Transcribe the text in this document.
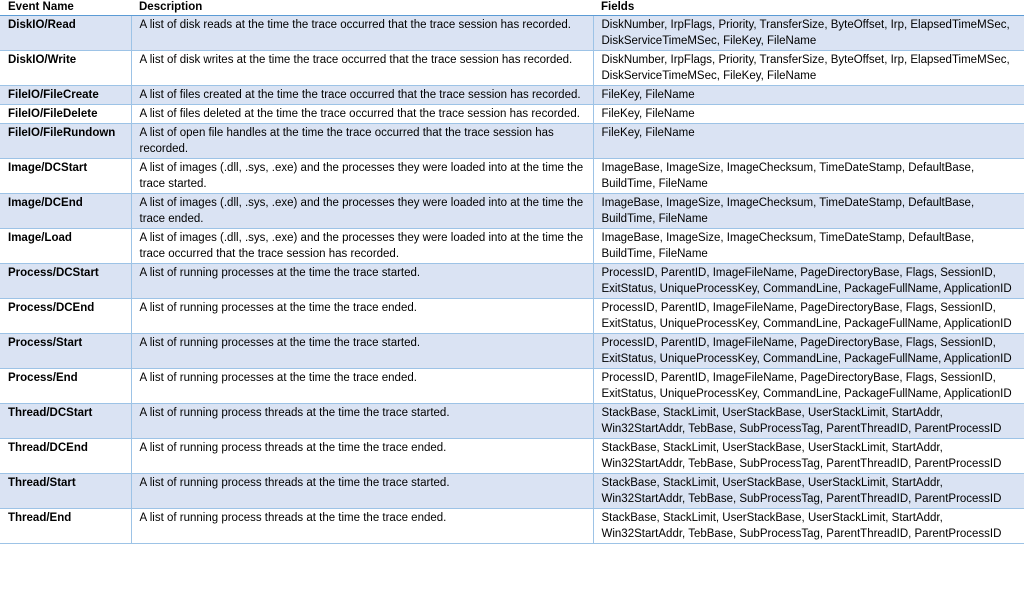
Event Name	Description	Fields
DiskIO/Read	A list of disk reads at the time the trace occurred that the trace session has recorded.	DiskNumber, IrpFlags, Priority, TransferSize, ByteOffset, Irp, ElapsedTimeMSec, DiskServiceTimeMSec, FileKey, FileName
DiskIO/Write	A list of disk writes at the time the trace occurred that the trace session has recorded.	DiskNumber, IrpFlags, Priority, TransferSize, ByteOffset, Irp, ElapsedTimeMSec, DiskServiceTimeMSec, FileKey, FileName
FileIO/FileCreate	A list of files created at the time the trace occurred that the trace session has recorded.	FileKey, FileName
FileIO/FileDelete	A list of files deleted at the time the trace occurred that the trace session has recorded.	FileKey, FileName
FileIO/FileRundown	A list of open file handles at the time the trace occurred that the trace session has recorded.	FileKey, FileName
Image/DCStart	A list of images (.dll, .sys, .exe) and the processes they were loaded into at the time the trace started.	ImageBase, ImageSize, ImageChecksum, TimeDateStamp, DefaultBase, BuildTime, FileName
Image/DCEnd	A list of images (.dll, .sys, .exe) and the processes they were loaded into at the time the trace ended.	ImageBase, ImageSize, ImageChecksum, TimeDateStamp, DefaultBase, BuildTime, FileName
Image/Load	A list of images (.dll, .sys, .exe) and the processes they were loaded into at the time the trace occurred that the trace session has recorded.	ImageBase, ImageSize, ImageChecksum, TimeDateStamp, DefaultBase, BuildTime, FileName
Process/DCStart	A list of running processes at the time the trace started.	ProcessID, ParentID, ImageFileName, PageDirectoryBase, Flags, SessionID, ExitStatus, UniqueProcessKey, CommandLine, PackageFullName, ApplicationID
Process/DCEnd	A list of running processes at the time the trace ended.	ProcessID, ParentID, ImageFileName, PageDirectoryBase, Flags, SessionID, ExitStatus, UniqueProcessKey, CommandLine, PackageFullName, ApplicationID
Process/Start	A list of running processes at the time the trace started.	ProcessID, ParentID, ImageFileName, PageDirectoryBase, Flags, SessionID, ExitStatus, UniqueProcessKey, CommandLine, PackageFullName, ApplicationID
Process/End	A list of running processes at the time the trace ended.	ProcessID, ParentID, ImageFileName, PageDirectoryBase, Flags, SessionID, ExitStatus, UniqueProcessKey, CommandLine, PackageFullName, ApplicationID
Thread/DCStart	A list of running process threads at the time the trace started.	StackBase, StackLimit, UserStackBase, UserStackLimit, StartAddr, Win32StartAddr, TebBase, SubProcessTag, ParentThreadID, ParentProcessID
Thread/DCEnd	A list of running process threads at the time the trace ended.	StackBase, StackLimit, UserStackBase, UserStackLimit, StartAddr, Win32StartAddr, TebBase, SubProcessTag, ParentThreadID, ParentProcessID
Thread/Start	A list of running process threads at the time the trace started.	StackBase, StackLimit, UserStackBase, UserStackLimit, StartAddr, Win32StartAddr, TebBase, SubProcessTag, ParentThreadID, ParentProcessID
Thread/End	A list of running process threads at the time the trace ended.	StackBase, StackLimit, UserStackBase, UserStackLimit, StartAddr, Win32StartAddr, TebBase, SubProcessTag, ParentThreadID, ParentProcessID
